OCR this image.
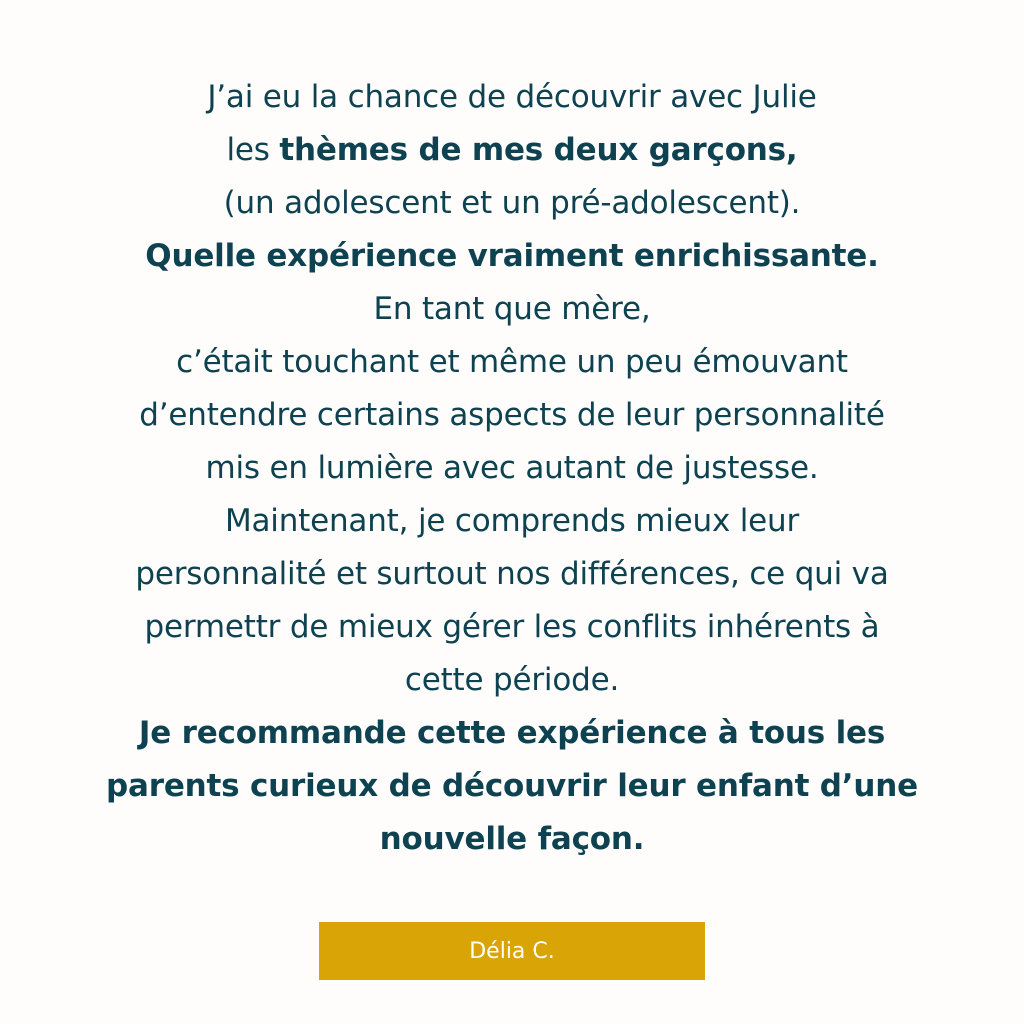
J’ai eu la chance de découvrir avec Julie
les thèmes de mes deux garçons,
(un adolescent et un pré-adolescent).
Quelle expérience vraiment enrichissante.
En tant que mère,
c’était touchant et même un peu émouvant
d’entendre certains aspects de leur personnalité
mis en lumière avec autant de justesse.
Maintenant, je comprends mieux leur
personnalité et surtout nos différences, ce qui va
permettr de mieux gérer les conflits inhérents à
cette période.
Je recommande cette expérience à tous les
parents curieux de découvrir leur enfant d’une
nouvelle façon.
Délia C.
